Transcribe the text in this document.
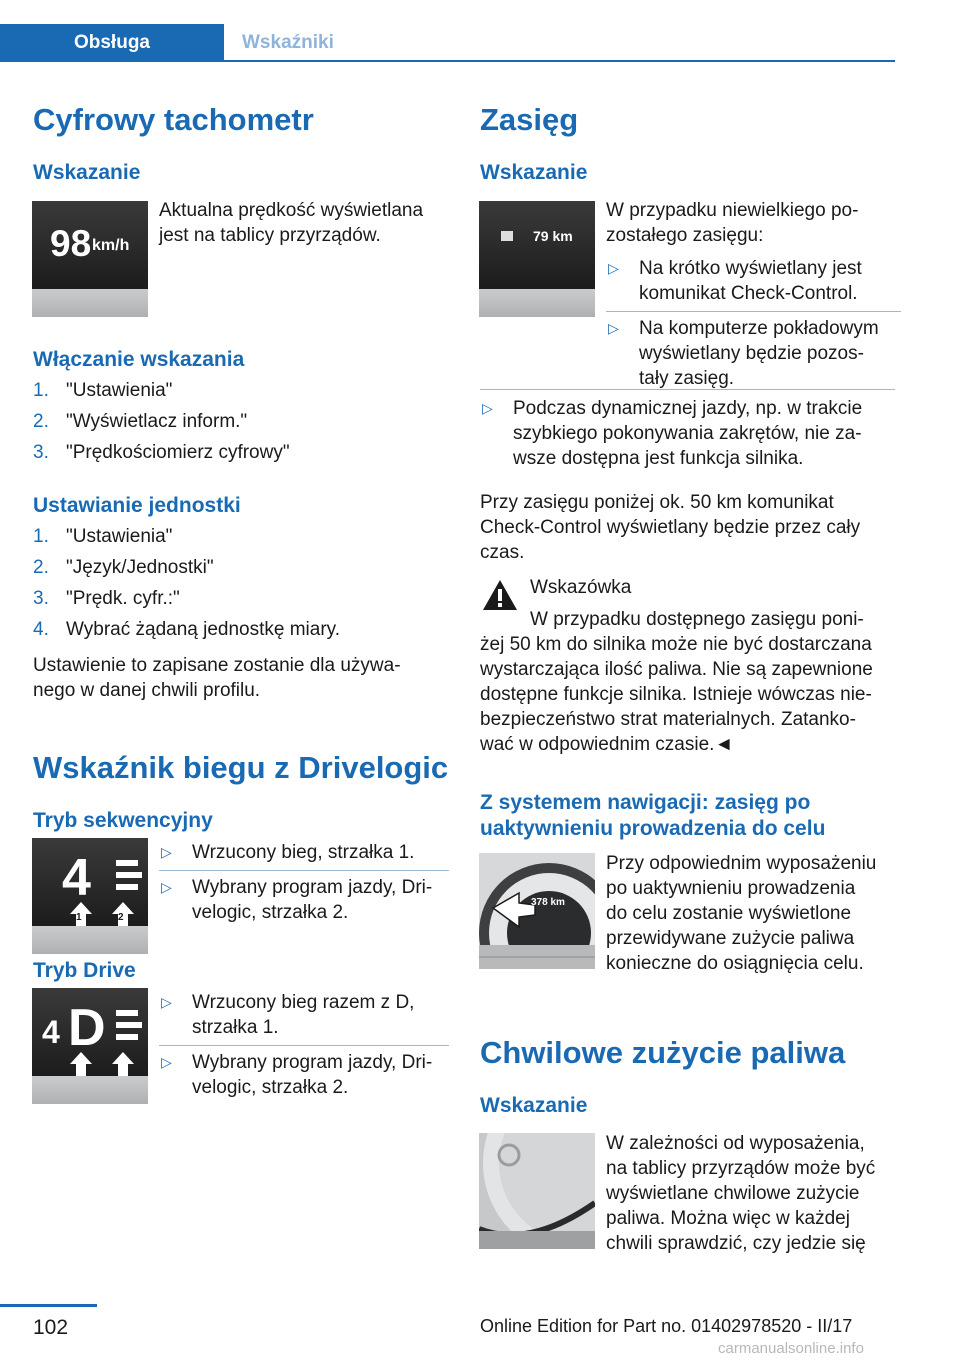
Obsługa	Wskaźniki
Cyfrowy tachometr
Wskazanie
98 km/h
Aktualna prędkość wyświetlana
jest na tablicy przyrządów.
Włączanie wskazania
1. "Ustawienia"
2. "Wyświetlacz inform."
3. "Prędkościomierz cyfrowy"
Ustawianie jednostki
1. "Ustawienia"
2. "Język/Jednostki"
3. "Prędk. cyfr.:"
4. Wybrać żądaną jednostkę miary.
Ustawienie to zapisane zostanie dla używa‐
nego w danej chwili profilu.
Wskaźnik biegu z Drivelogic
Tryb sekwencyjny
4
1	2
▷ Wrzucony bieg, strzałka 1.
▷ Wybrany program jazdy, Dri‐
velogic, strzałka 2.
Tryb Drive
4 D	▷ Wrzucony bieg razem z D,
strzałka 1.
▷ Wybrany program jazdy, Dri‐
velogic, strzałka 2.
Zasięg
Wskazanie
79 km
W przypadku niewielkiego po‐
zostałego zasięgu:
▷ Na krótko wyświetlany jest
komunikat Check-Control.
▷ Na komputerze pokładowym
wyświetlany będzie pozos‐
tały zasięg.
▷ Podczas dynamicznej jazdy, np. w trakcie
szybkiego pokonywania zakrętów, nie za‐
wsze dostępna jest funkcja silnika.
Przy zasięgu poniżej ok. 50 km komunikat
Check-Control wyświetlany będzie przez cały
czas.
Wskazówka
W przypadku dostępnego zasięgu poni‐
żej 50 km do silnika może nie być dostarczana
wystarczająca ilość paliwa. Nie są zapewnione
dostępne funkcje silnika. Istnieje wówczas nie‐
bezpieczeństwo strat materialnych. Zatanko‐
wać w odpowiednim czasie.◄
Z systemem nawigacji: zasięg po
uaktywnieniu prowadzenia do celu
378 km
Przy odpowiednim wyposażeniu
po uaktywnieniu prowadzenia
do celu zostanie wyświetlone
przewidywane zużycie paliwa
konieczne do osiągnięcia celu.
Chwilowe zużycie paliwa
Wskazanie
W zależności od wyposażenia,
na tablicy przyrządów może być
wyświetlane chwilowe zużycie
paliwa. Można więc w każdej
chwili sprawdzić, czy jedzie się
102	Online Edition for Part no. 01402978520 - II/17
carmanualsonline.info
